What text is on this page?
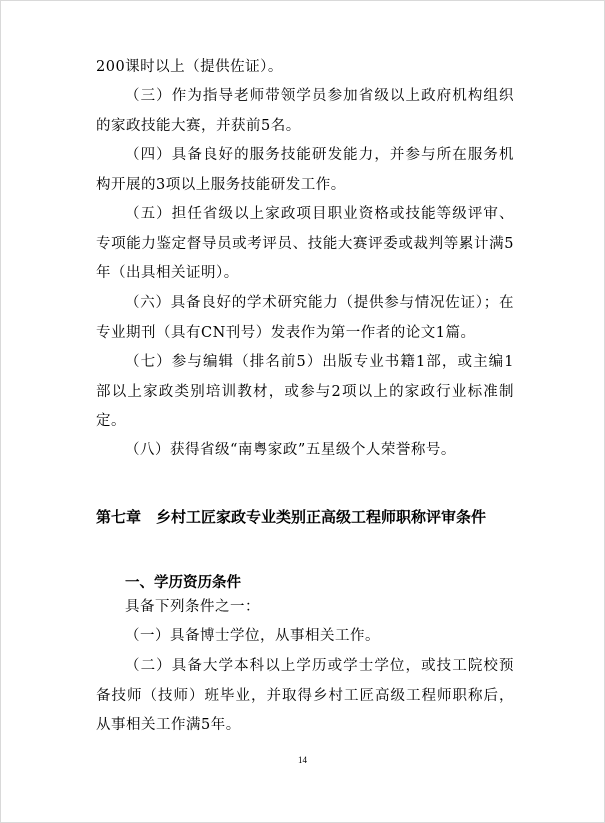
200课时以上（提供佐证）。

（三）作为指导老师带领学员参加省级以上政府机构组织的家政技能大赛，并获前5名。

（四）具备良好的服务技能研发能力，并参与所在服务机构开展的3项以上服务技能研发工作。

（五）担任省级以上家政项目职业资格或技能等级评审、专项能力鉴定督导员或考评员、技能大赛评委或裁判等累计满5年（出具相关证明）。

（六）具备良好的学术研究能力（提供参与情况佐证）；在专业期刊（具有CN刊号）发表作为第一作者的论文1篇。

（七）参与编辑（排名前5）出版专业书籍1部，或主编1部以上家政类别培训教材，或参与2项以上的家政行业标准制定。

（八）获得省级“南粤家政”五星级个人荣誉称号。

第七章　乡村工匠家政专业类别正高级工程师职称评审条件
一、学历资历条件

具备下列条件之一：

（一）具备博士学位，从事相关工作。

（二）具备大学本科以上学历或学士学位，或技工院校预备技师（技师）班毕业，并取得乡村工匠高级工程师职称后，从事相关工作满5年。

14
